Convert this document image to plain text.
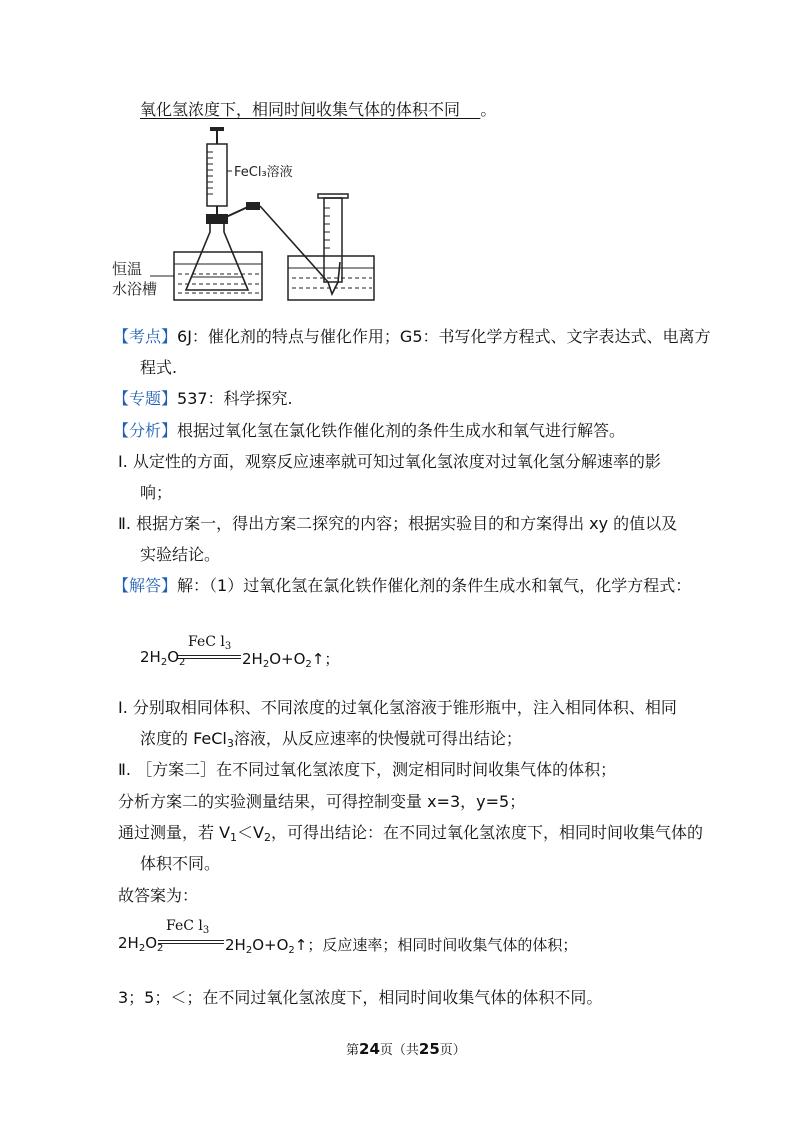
氧化氢浓度下，相同时间收集气体的体积不同 。
FeCl₃溶液
恒温
水浴槽
【考点】6J：催化剂的特点与催化作用；G5：书写化学方程式、文字表达式、电离方
程式.
【专题】537：科学探究.
【分析】根据过氧化氢在氯化铁作催化剂的条件生成水和氧气进行解答。
Ⅰ. 从定性的方面，观察反应速率就可知过氧化氢浓度对过氧化氢分解速率的影
响；
Ⅱ. 根据方案一，得出方案二探究的内容；根据实验目的和方案得出 xy 的值以及
实验结论。
【解答】解：（1）过氧化氢在氯化铁作催化剂的条件生成水和氧气，化学方程式：
FeC $l_3$
$2H_2O_2$	$2H_2O+O_2↑$；
Ⅰ. 分别取相同体积、不同浓度的过氧化氢溶液于锥形瓶中，注入相同体积、相同
浓度的 FeCl3溶液，从反应速率的快慢就可得出结论；
Ⅱ. ［方案二］在不同过氧化氢浓度下，测定相同时间收集气体的体积；
分析方案二的实验测量结果，可得控制变量 x=3，y=5；
通过测量，若 V1＜V2，可得出结论：在不同过氧化氢浓度下，相同时间收集气体的
体积不同。
故答案为：
FeC $l_3$
$2H_2O_2$	$2H_2O+O_2↑$；反应速率；相同时间收集气体的体积；
3；5；＜；在不同过氧化氢浓度下，相同时间收集气体的体积不同。
第24页（共25页）
